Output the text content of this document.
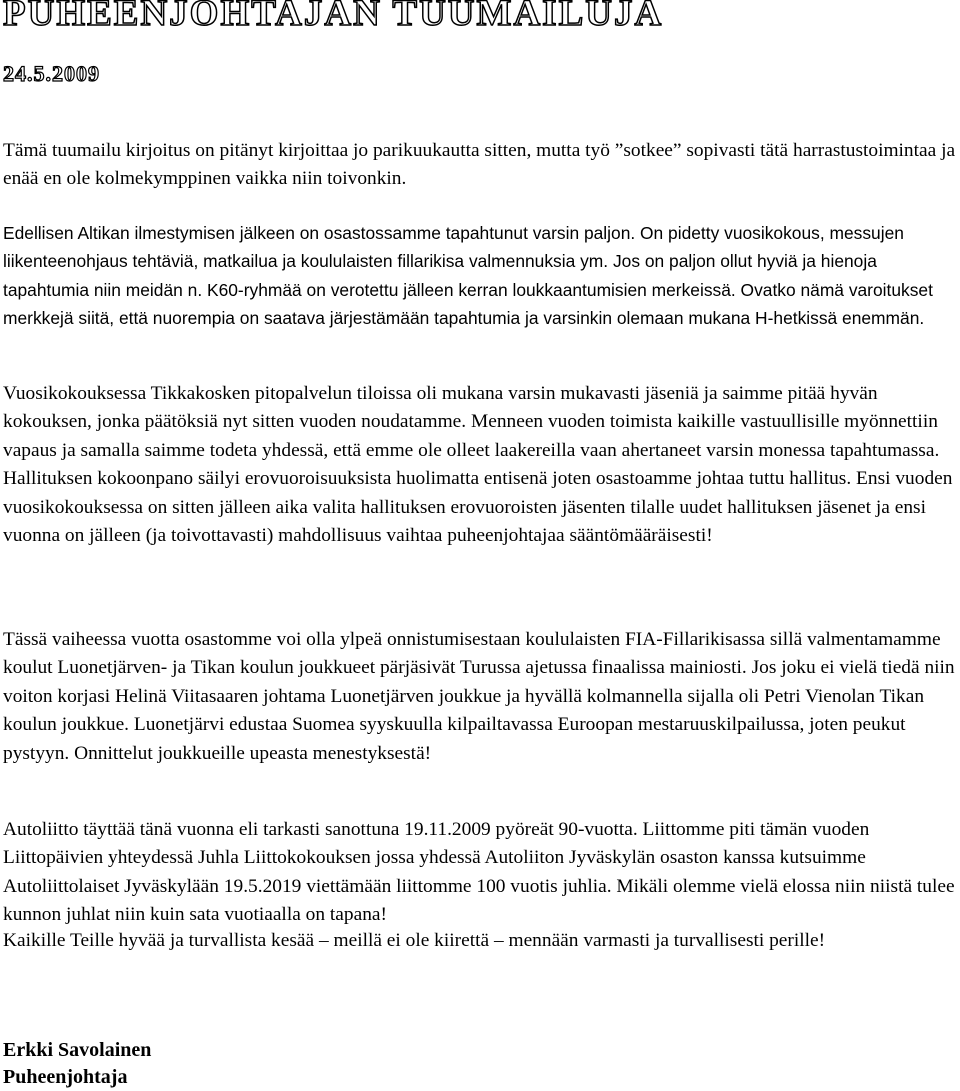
PUHEENJOHTAJAN TUUMAILUJA
24.5.2009

Tämä tuumailu kirjoitus on pitänyt kirjoittaa jo parikuukautta sitten, mutta työ ”sotkee” sopivasti tätä harrastustoimintaa ja enää en ole kolmekymppinen vaikka niin toivonkin.

Edellisen Altikan ilmestymisen jälkeen on osastossamme tapahtunut varsin paljon. On pidetty vuosikokous, messujen liikenteenohjaus tehtäviä, matkailua ja koululaisten fillarikisa valmennuksia ym. Jos on paljon ollut hyviä ja hienoja tapahtumia niin meidän n. K60-ryhmää on verotettu jälleen kerran loukkaantumisien merkeissä. Ovatko nämä varoitukset merkkejä siitä, että nuorempia on saatava järjestämään tapahtumia ja varsinkin olemaan mukana H-hetkissä enemmän.

Vuosikokouksessa Tikkakosken pitopalvelun tiloissa oli mukana varsin mukavasti jäseniä ja saimme pitää hyvän kokouksen, jonka päätöksiä nyt sitten vuoden noudatamme. Menneen vuoden toimista kaikille vastuullisille myönnettiin vapaus ja samalla saimme todeta yhdessä, että emme ole olleet laakereilla vaan ahertaneet varsin monessa tapahtumassa. Hallituksen kokoonpano säilyi erovuoroisuuksista huolimatta entisenä joten osastoamme johtaa tuttu hallitus. Ensi vuoden vuosikokouksessa on sitten jälleen aika valita hallituksen erovuoroisten jäsenten tilalle uudet hallituksen jäsenet ja ensi vuonna on jälleen (ja toivottavasti) mahdollisuus vaihtaa puheenjohtajaa sääntömääräisesti!

Tässä vaiheessa vuotta osastomme voi olla ylpeä onnistumisestaan koululaisten FIA-Fillarikisassa sillä valmentamamme koulut Luonetjärven- ja Tikan koulun joukkueet pärjäsivät Turussa ajetussa finaalissa mainiosti. Jos joku ei vielä tiedä niin voiton korjasi Helinä Viitasaaren johtama Luonetjärven joukkue ja hyvällä kolmannella sijalla oli Petri Vienolan Tikan koulun joukkue. Luonetjärvi edustaa Suomea syyskuulla kilpailtavassa Euroopan mestaruuskilpailussa, joten peukut pystyyn. Onnittelut joukkueille upeasta menestyksestä!

Autoliitto täyttää tänä vuonna eli tarkasti sanottuna 19.11.2009 pyöreät 90-vuotta. Liittomme piti tämän vuoden Liittopäivien yhteydessä Juhla Liittokokouksen jossa yhdessä Autoliiton Jyväskylän osaston kanssa kutsuimme Autoliittolaiset Jyväskylään 19.5.2019 viettämään liittomme 100 vuotis juhlia. Mikäli olemme vielä elossa niin niistä tulee kunnon juhlat niin kuin sata vuotiaalla on tapana!

Kaikille Teille hyvää ja turvallista kesää – meillä ei ole kiirettä – mennään varmasti ja turvallisesti perille!

Erkki Savolainen
Puheenjohtaja
